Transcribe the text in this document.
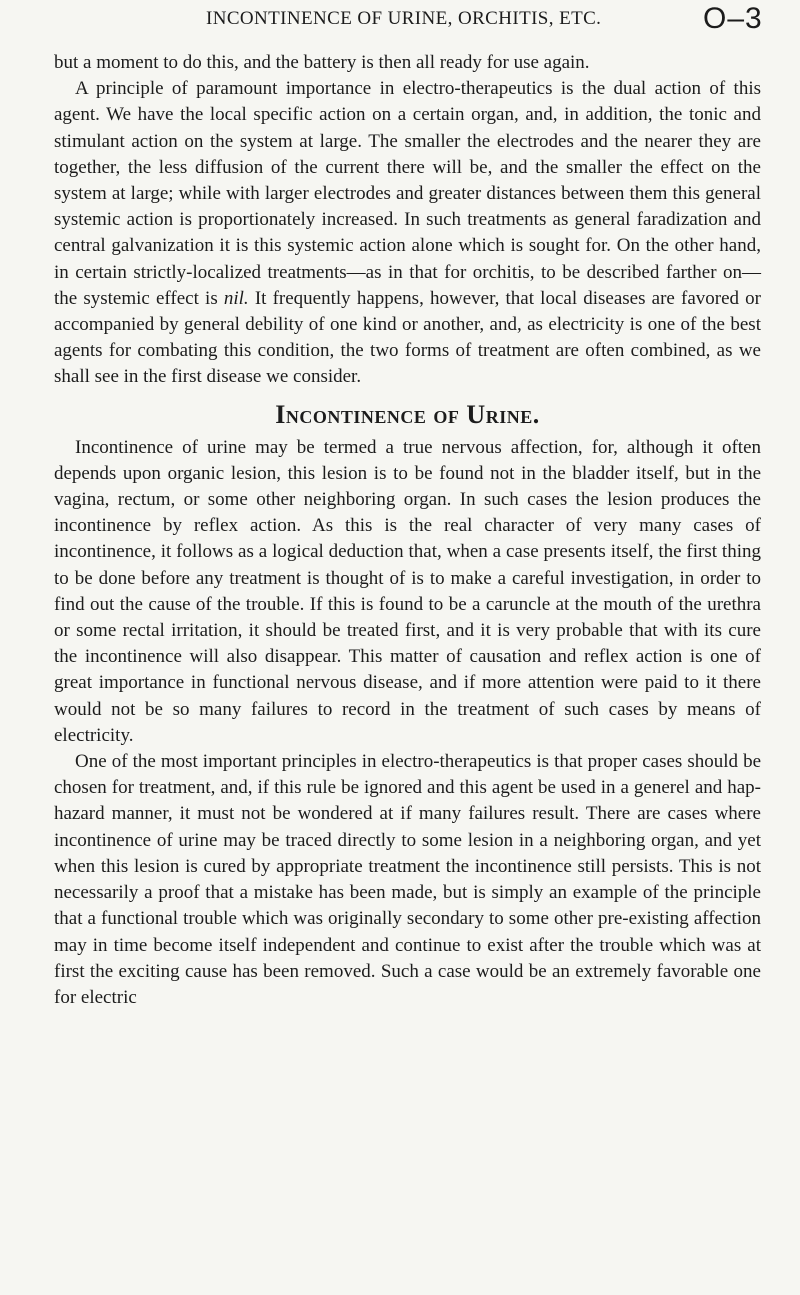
INCONTINENCE OF URINE, ORCHITIS, ETC.	O–3

but a moment to do this, and the battery is then all ready for use again.

A principle of paramount importance in electro-therapeutics is the dual action of this agent. We have the local specific action on a certain organ, and, in addition, the tonic and stimulant action on the system at large. The smaller the electrodes and the nearer they are together, the less diffusion of the current there will be, and the smaller the effect on the system at large; while with larger electrodes and greater distances between them this general systemic action is proportionately increased. In such treatments as general faradization and central galvanization it is this systemic action alone which is sought for. On the other hand, in certain strictly-localized treatments—as in that for orchitis, to be described farther on—the systemic effect is nil. It frequently happens, however, that local diseases are favored or accompanied by general debility of one kind or another, and, as electricity is one of the best agents for combating this condition, the two forms of treatment are often combined, as we shall see in the first disease we consider.

Incontinence of Urine.

Incontinence of urine may be termed a true nervous affection, for, although it often depends upon organic lesion, this lesion is to be found not in the bladder itself, but in the vagina, rectum, or some other neighboring organ. In such cases the lesion produces the incontinence by reflex action. As this is the real character of very many cases of incontinence, it follows as a logical deduction that, when a case presents itself, the first thing to be done before any treatment is thought of is to make a careful investigation, in order to find out the cause of the trouble. If this is found to be a caruncle at the mouth of the urethra or some rectal irritation, it should be treated first, and it is very probable that with its cure the incontinence will also disappear. This matter of causation and reflex action is one of great importance in functional nervous disease, and if more attention were paid to it there would not be so many failures to record in the treatment of such cases by means of electricity.

One of the most important principles in electro-therapeutics is that proper cases should be chosen for treatment, and, if this rule be ignored and this agent be used in a generel and hap-hazard manner, it must not be wondered at if many failures result. There are cases where incontinence of urine may be traced directly to some lesion in a neighboring organ, and yet when this lesion is cured by appropriate treatment the incontinence still persists. This is not necessarily a proof that a mistake has been made, but is simply an example of the principle that a functional trouble which was originally secondary to some other pre-existing affection may in time become itself independent and continue to exist after the trouble which was at first the exciting cause has been removed. Such a case would be an extremely favorable one for electric
